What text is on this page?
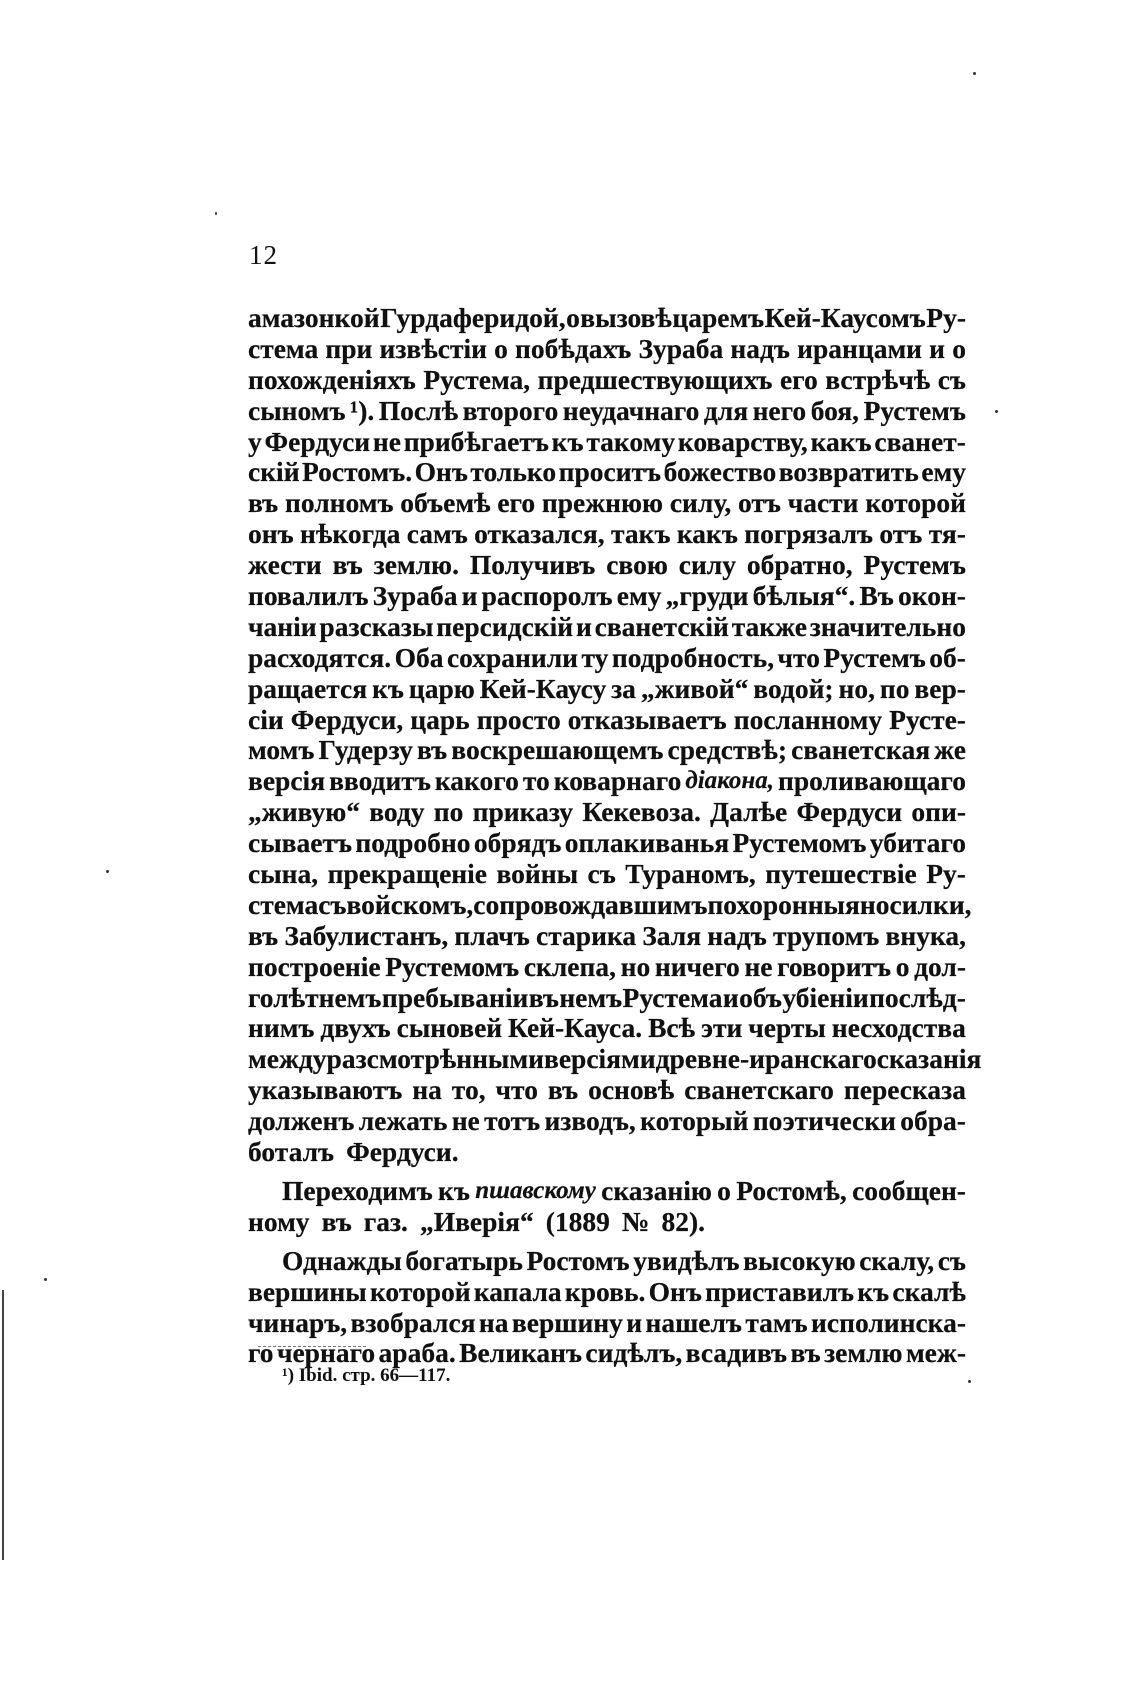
12
амазонкой Гурдаферидой, о вызовѣ царемъ Кей-Каусомъ Ру-
стема при извѣстіи о побѣдахъ Зураба надъ иранцами и о
похожденіяхъ Рустема, предшествующихъ его встрѣчѣ съ
сыномъ ¹). Послѣ второго неудачнаго для него боя, Рустемъ
у Фердуси не прибѣгаетъ къ такому коварству, какъ сванет-
скій Ростомъ. Онъ только проситъ божество возвратить ему
въ полномъ объемѣ его прежнюю силу, отъ части которой
онъ нѣкогда самъ отказался, такъ какъ погрязалъ отъ тя-
жести въ землю. Получивъ свою силу обратно, Рустемъ
повалилъ Зураба и распоролъ ему „груди бѣлыя“. Въ окон-
чаніи разсказы персидскій и сванетскій также значительно
расходятся. Оба сохранили ту подробность, что Рустемъ об-
ращается къ царю Кей-Каусу за „живой“ водой; но, по вер-
сіи Фердуси, царь просто отказываетъ посланному Русте-
момъ Гудерзу въ воскрешающемъ средствѣ; сванетская же
версія вводитъ какого то коварнаго діакона, проливающаго
„живую“ воду по приказу Кекевоза. Далѣе Фердуси опи-
сываетъ подробно обрядъ оплакиванья Рустемомъ убитаго
сына, прекращеніе войны съ Тураномъ, путешествіе Ру-
стема съ войскомъ, сопровождавшимъ похоронныя носилки,
въ Забулистанъ, плачъ старика Заля надъ трупомъ внука,
построеніе Рустемомъ склепа, но ничего не говоритъ о дол-
голѣтнемъ пребываніи въ немъ Рустема и объ убіеніи послѣд-
нимъ двухъ сыновей Кей-Кауса. Всѣ эти черты несходства
между разсмотрѣнными версіями древне-иранскаго сказанія
указываютъ на то, что въ основѣ сванетскаго пересказа
долженъ лежать не тотъ изводъ, который поэтически обра-
боталъ Фердуси.
Переходимъ къ пшавскому сказанію о Ростомѣ, сообщен-
ному въ газ. „Иверія“ (1889 № 82).
Однажды богатырь Ростомъ увидѣлъ высокую скалу, съ
вершины которой капала кровь. Онъ приставилъ къ скалѣ
чинаръ, взобрался на вершину и нашелъ тамъ исполинска-
го чернаго араба. Великанъ сидѣлъ, всадивъ въ землю меж-
¹) Ibid. стр. 66—117.
